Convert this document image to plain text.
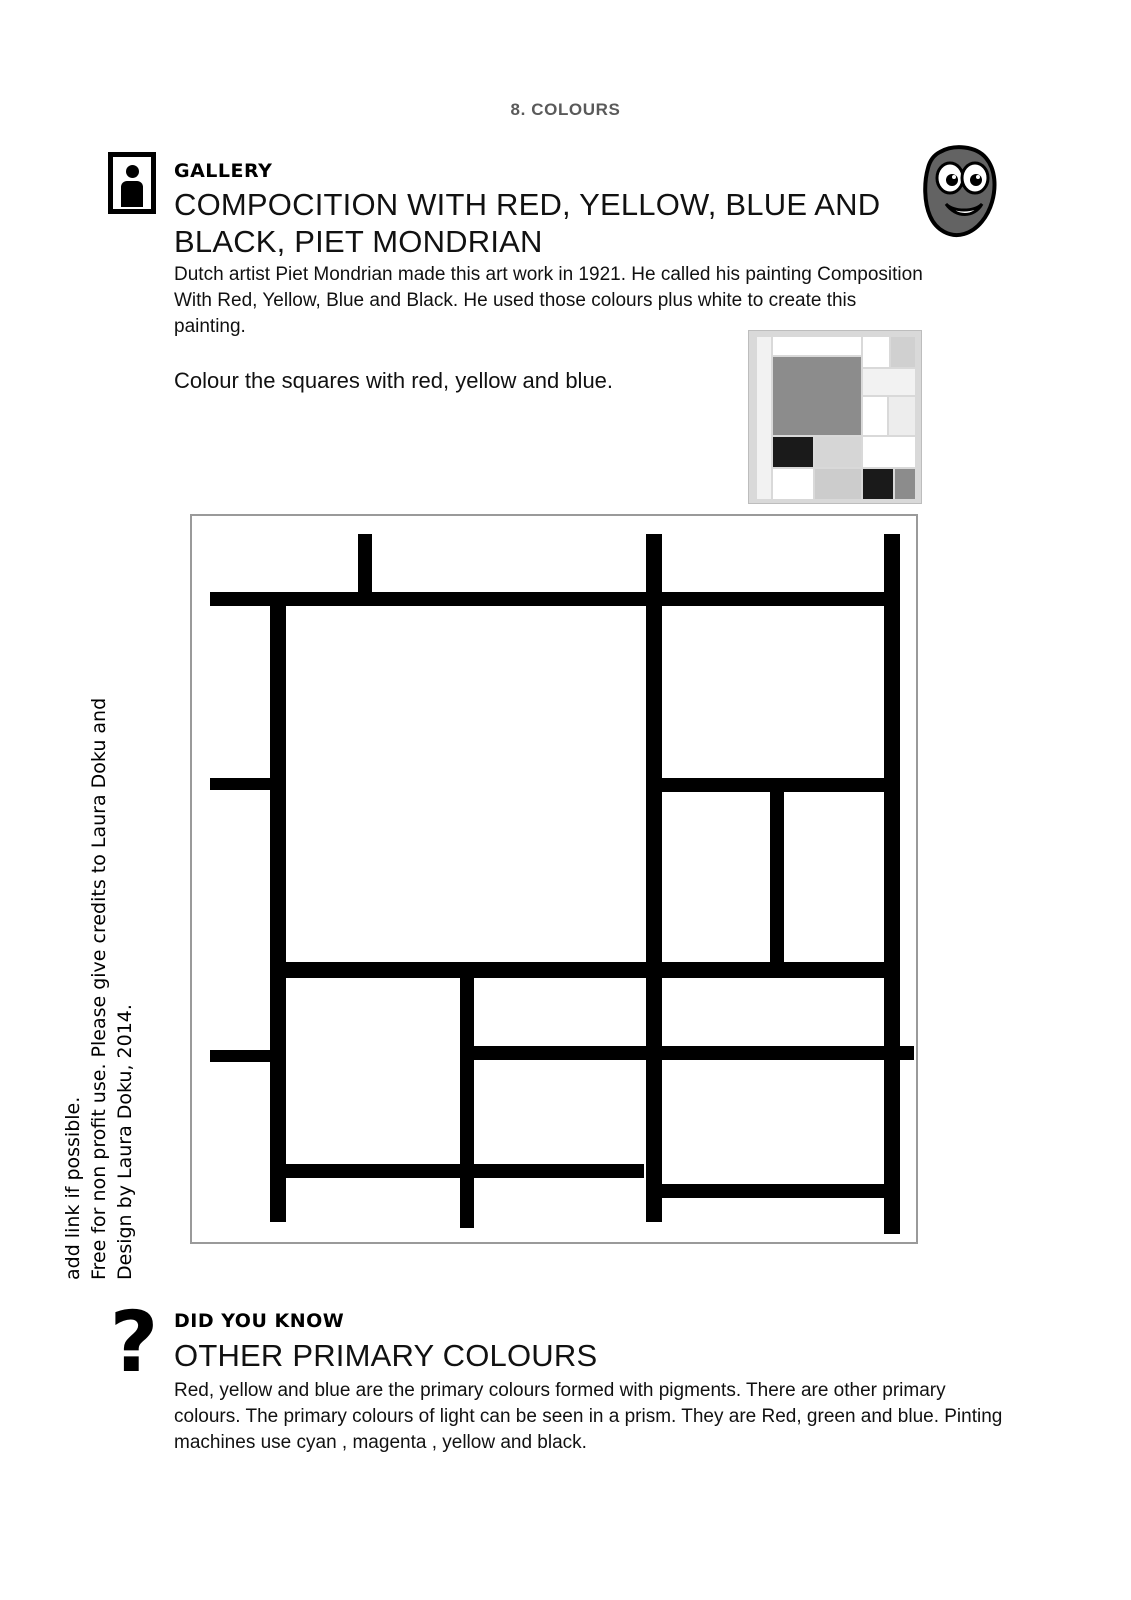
8. COLOURS
Design by Laura Doku, 2014.
Free for non profit use. Please give credits to Laura Doku and
add link if possible.
GALLERY
COMPOCITION WITH RED, YELLOW, BLUE AND BLACK, PIET MONDRIAN
Dutch artist Piet Mondrian made this art work in 1921. He called his painting Composition With Red, Yellow, Blue and Black. He used those colours plus white to create this painting.
Colour the squares with red, yellow and blue.
? DID YOU KNOW
OTHER PRIMARY COLOURS
Red, yellow and blue are the primary colours formed with pigments. There are other primary colours. The primary colours of light can be seen in a prism. They are Red, green and blue. Pinting machines use cyan , magenta , yellow and black.
